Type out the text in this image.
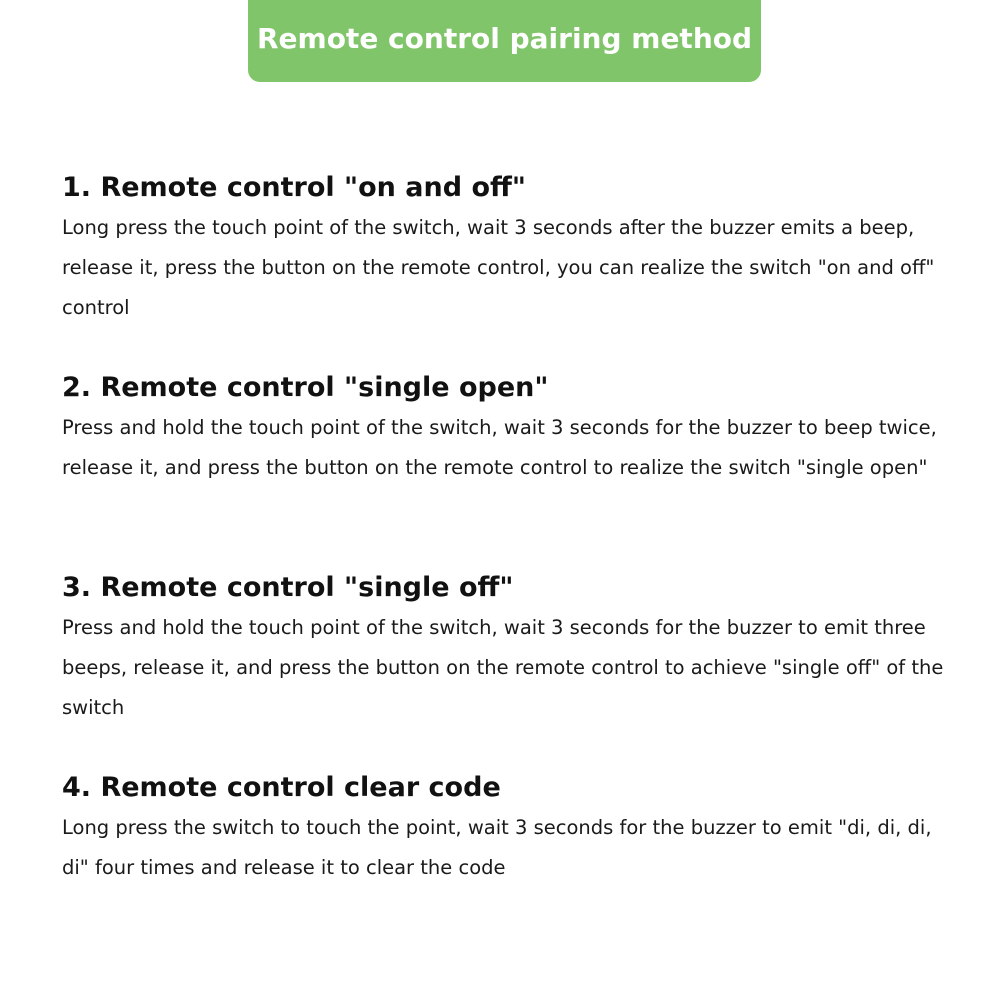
Remote control pairing method
1. Remote control "on and off"

Long press the touch point of the switch, wait 3 seconds after the buzzer emits a beep, release it, press the button on the remote control, you can realize the switch "on and off" control

2. Remote control "single open"

Press and hold the touch point of the switch, wait 3 seconds for the buzzer to beep twice, release it, and press the button on the remote control to realize the switch "single open"

3. Remote control "single off"

Press and hold the touch point of the switch, wait 3 seconds for the buzzer to emit three beeps, release it, and press the button on the remote control to achieve "single off" of the switch

4. Remote control clear code

Long press the switch to touch the point, wait 3 seconds for the buzzer to emit "di, di, di, di" four times and release it to clear the code
